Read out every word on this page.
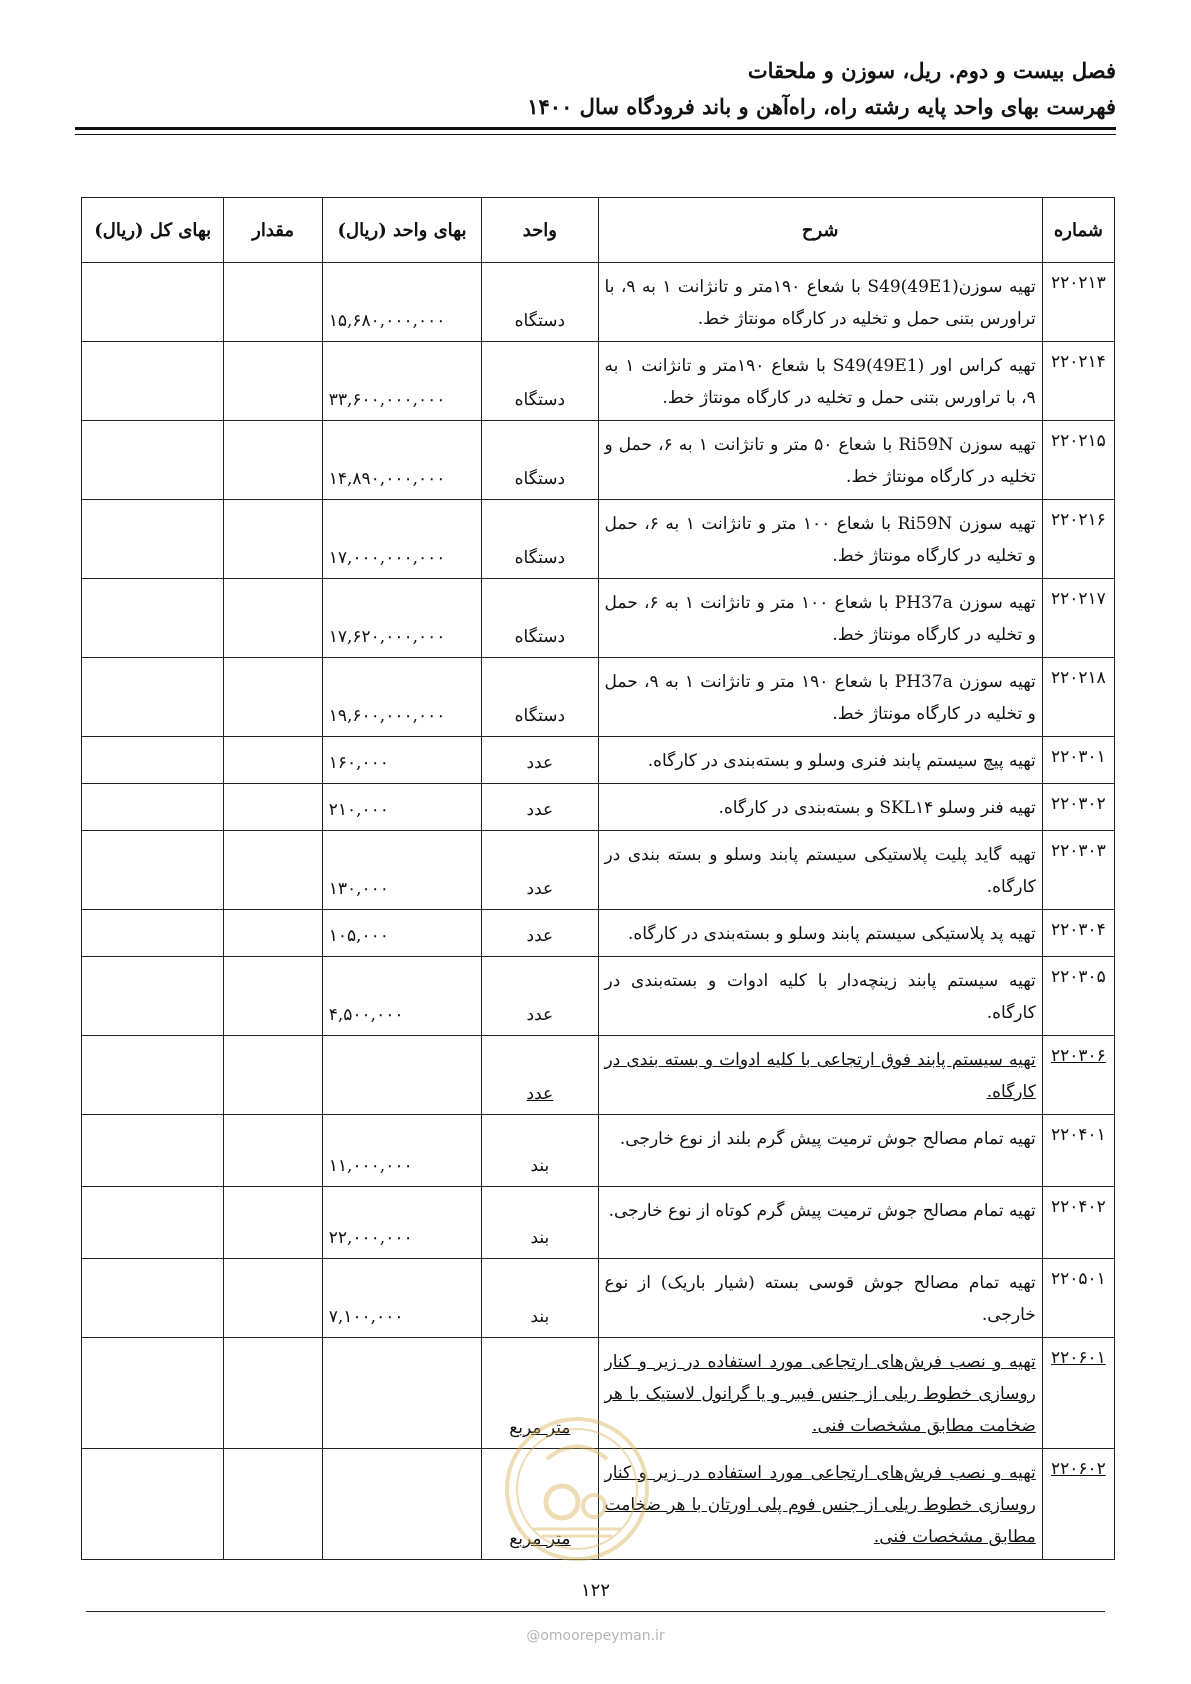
فصل بیست و دوم. ریل، سوزن و ملحقات
فهرست بهای واحد پایه رشته راه، راه‌آهن و باند فرودگاه سال ۱۴۰۰
شماره	شرح	واحد	بهای واحد (ریال)	مقدار	بهای کل (ریال)
۲۲۰۲۱۳	تهیه سوزن(S49(49E1 با شعاع ۱۹۰متر و تانژانت ۱ به ۹، با تراورس بتنی حمل و تخلیه در کارگاه مونتاژ خط.	دستگاه	۱۵,۶۸۰,۰۰۰,۰۰۰		
۲۲۰۲۱۴	تهیه کراس اور (S49(49E1 با شعاع ۱۹۰متر و تانژانت ۱ به ۹، با تراورس بتنی حمل و تخلیه در کارگاه مونتاژ خط.	دستگاه	۳۳,۶۰۰,۰۰۰,۰۰۰		
۲۲۰۲۱۵	تهیه سوزن Ri59N با شعاع ۵۰ متر و تانژانت ۱ به ۶، حمل و تخلیه در کارگاه مونتاژ خط.	دستگاه	۱۴,۸۹۰,۰۰۰,۰۰۰		
۲۲۰۲۱۶	تهیه سوزن Ri59N با شعاع ۱۰۰ متر و تانژانت ۱ به ۶، حمل و تخلیه در کارگاه مونتاژ خط.	دستگاه	۱۷,۰۰۰,۰۰۰,۰۰۰		
۲۲۰۲۱۷	تهیه سوزن PH37a با شعاع ۱۰۰ متر و تانژانت ۱ به ۶، حمل و تخلیه در کارگاه مونتاژ خط.	دستگاه	۱۷,۶۲۰,۰۰۰,۰۰۰		
۲۲۰۲۱۸	تهیه سوزن PH37a با شعاع ۱۹۰ متر و تانژانت ۱ به ۹، حمل و تخلیه در کارگاه مونتاژ خط.	دستگاه	۱۹,۶۰۰,۰۰۰,۰۰۰		
۲۲۰۳۰۱	تهیه پیچ سیستم پابند فنری وسلو و بسته‌بندی در کارگاه.	عدد	۱۶۰,۰۰۰		
۲۲۰۳۰۲	تهیه فنر وسلو SKL۱۴ و بسته‌بندی در کارگاه.	عدد	۲۱۰,۰۰۰		
۲۲۰۳۰۳	تهیه گاید پلیت پلاستیکی سیستم پابند وسلو و بسته بندی در کارگاه.	عدد	۱۳۰,۰۰۰		
۲۲۰۳۰۴	تهیه پد پلاستیکی سیستم پابند وسلو و بسته‌بندی در کارگاه.	عدد	۱۰۵,۰۰۰		
۲۲۰۳۰۵	تهیه سیستم پابند زینچه‌دار با کلیه ادوات و بسته‌بندی در کارگاه.	عدد	۴,۵۰۰,۰۰۰		
۲۲۰۳۰۶	تهیه سیستم پابند فوق ارتجاعی با کلیه ادوات و بسته بندی در کارگاه.	عدد			
۲۲۰۴۰۱	تهیه تمام مصالح جوش ترمیت پیش گرم بلند از نوع خارجی.	بند	۱۱,۰۰۰,۰۰۰		
۲۲۰۴۰۲	تهیه تمام مصالح جوش ترمیت پیش گرم کوتاه از نوع خارجی.	بند	۲۲,۰۰۰,۰۰۰		
۲۲۰۵۰۱	تهیه تمام مصالح جوش قوسی بسته (شیار باریک) از نوع خارجی.	بند	۷,۱۰۰,۰۰۰		
۲۲۰۶۰۱	تهیه و نصب فرش‌های ارتجاعی مورد استفاده در زیر و کنار روسازی خطوط ریلی از جنس فیبر و یا گرانول لاستیک با هر ضخامت مطابق مشخصات فنی.	متر مربع			
۲۲۰۶۰۲	تهیه و نصب فرش‌های ارتجاعی مورد استفاده در زیر و کنار روسازی خطوط ریلی از جنس فوم پلی اورتان با هر ضخامت مطابق مشخصات فنی.	متر مربع			
۱۲۲
@omoorepeyman.ir
